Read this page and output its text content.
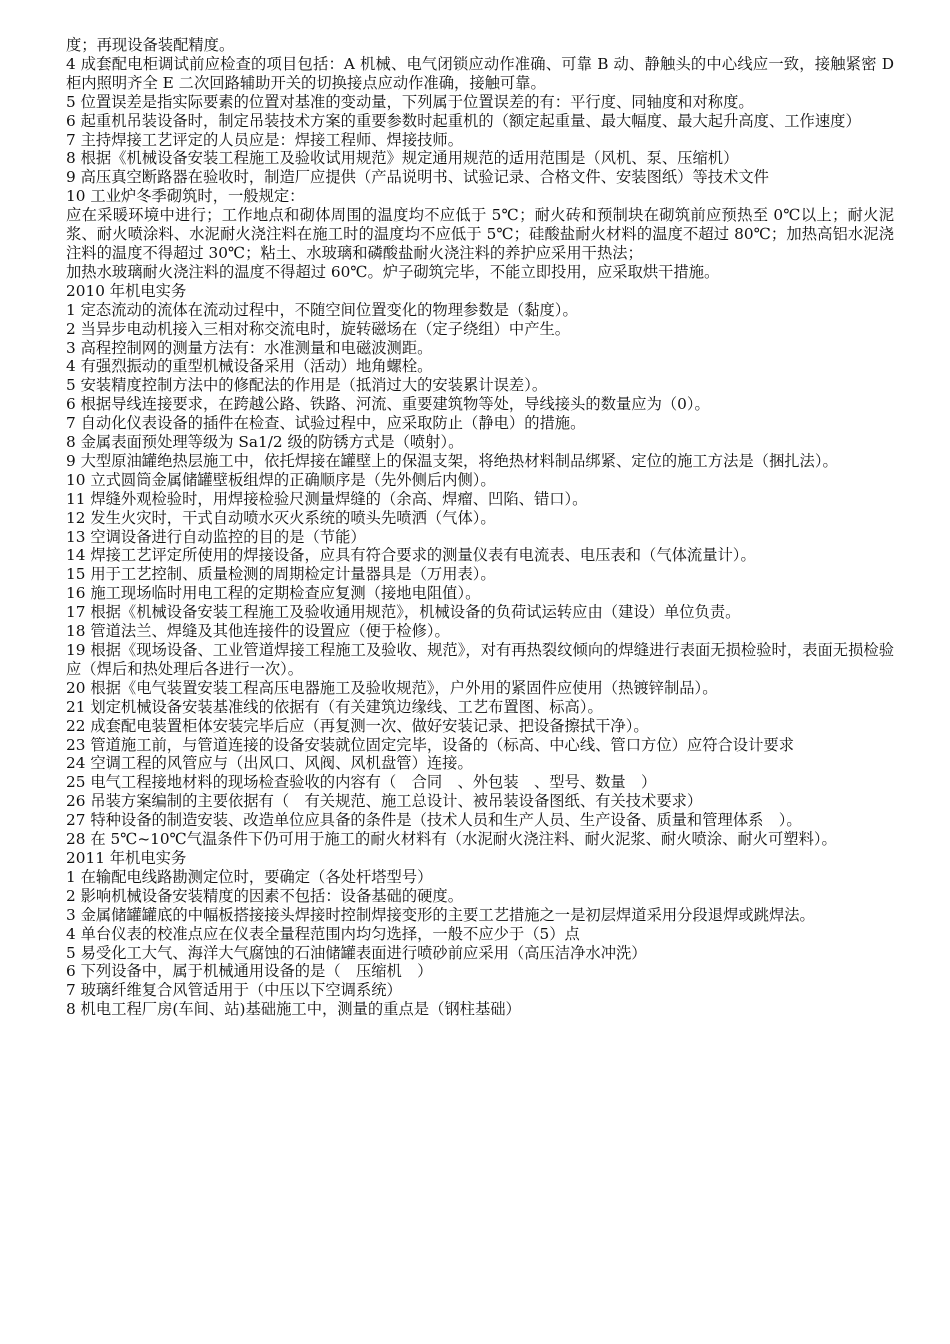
度；再现设备装配精度。

4 成套配电柜调试前应检查的项目包括：A 机械、电气闭锁应动作准确、可靠 B 动、静触头的中心线应一致，接触紧密 D 柜内照明齐全 E 二次回路辅助开关的切换接点应动作准确，接触可靠。

5 位置误差是指实际要素的位置对基准的变动量，下列属于位置误差的有：平行度、同轴度和对称度。

6 起重机吊装设备时，制定吊装技术方案的重要参数时起重机的（额定起重量、最大幅度、最大起升高度、工作速度）

7 主持焊接工艺评定的人员应是：焊接工程师、焊接技师。

8 根据《机械设备安装工程施工及验收试用规范》规定通用规范的适用范围是（风机、泵、压缩机）

9 高压真空断路器在验收时，制造厂应提供（产品说明书、试验记录、合格文件、安装图纸）等技术文件

10 工业炉冬季砌筑时，一般规定：

应在采暖环境中进行；工作地点和砌体周围的温度均不应低于 5℃；耐火砖和预制块在砌筑前应预热至 0℃以上；耐火泥浆、耐火喷涂料、水泥耐火浇注料在施工时的温度均不应低于 5℃；硅酸盐耐火材料的温度不超过 80℃；加热高铝水泥浇注料的温度不得超过 30℃；粘土、水玻璃和磷酸盐耐火浇注料的养护应采用干热法；

加热水玻璃耐火浇注料的温度不得超过 60℃。炉子砌筑完毕，不能立即投用，应采取烘干措施。

2010 年机电实务

1 定态流动的流体在流动过程中，不随空间位置变化的物理参数是（黏度）。

2 当异步电动机接入三相对称交流电时，旋转磁场在（定子绕组）中产生。

3 高程控制网的测量方法有：水准测量和电磁波测距。

4 有强烈振动的重型机械设备采用（活动）地角螺栓。

5 安装精度控制方法中的修配法的作用是（抵消过大的安装累计误差）。

6 根据导线连接要求，在跨越公路、铁路、河流、重要建筑物等处，导线接头的数量应为（0）。

7 自动化仪表设备的插件在检查、试验过程中，应采取防止（静电）的措施。

8 金属表面预处理等级为 Sa1/2 级的防锈方式是（喷射）。

9 大型原油罐绝热层施工中，依托焊接在罐壁上的保温支架，将绝热材料制品绑紧、定位的施工方法是（捆扎法）。

10 立式圆筒金属储罐壁板组焊的正确顺序是（先外侧后内侧）。

11 焊缝外观检验时，用焊接检验尺测量焊缝的（余高、焊瘤、凹陷、错口）。

12 发生火灾时，干式自动喷水灭火系统的喷头先喷洒（气体）。

13 空调设备进行自动监控的目的是（节能）

14 焊接工艺评定所使用的焊接设备，应具有符合要求的测量仪表有电流表、电压表和（气体流量计）。

15 用于工艺控制、质量检测的周期检定计量器具是（万用表）。

16 施工现场临时用电工程的定期检查应复测（接地电阻值）。

17 根据《机械设备安装工程施工及验收通用规范》，机械设备的负荷试运转应由（建设）单位负责。

18 管道法兰、焊缝及其他连接件的设置应（便于检修）。

19 根据《现场设备、工业管道焊接工程施工及验收、规范》，对有再热裂纹倾向的焊缝进行表面无损检验时，表面无损检验应（焊后和热处理后各进行一次）。

20 根据《电气装置安装工程高压电器施工及验收规范》，户外用的紧固件应使用（热镀锌制品）。

21 划定机械设备安装基准线的依据有（有关建筑边缘线、工艺布置图、标高）。

22 成套配电装置柜体安装完毕后应（再复测一次、做好安装记录、把设备擦拭干净）。

23 管道施工前，与管道连接的设备安装就位固定完毕，设备的（标高、中心线、管口方位）应符合设计要求

24 空调工程的风管应与（出风口、风阀、风机盘管）连接。

25 电气工程接地材料的现场检查验收的内容有（　合同　、外包装　、型号、数量　）

26 吊装方案编制的主要依据有（　有关规范、施工总设计、被吊装设备图纸、有关技术要求）

27 特种设备的制造安装、改造单位应具备的条件是（技术人员和生产人员、生产设备、质量和管理体系　）。

28 在 5℃~10℃气温条件下仍可用于施工的耐火材料有（水泥耐火浇注料、耐火泥浆、耐火喷涂、耐火可塑料）。

2011 年机电实务

1 在输配电线路勘测定位时，要确定（各处杆塔型号）

2 影响机械设备安装精度的因素不包括：设备基础的硬度。

3 金属储罐罐底的中幅板搭接接头焊接时控制焊接变形的主要工艺措施之一是初层焊道采用分段退焊或跳焊法。

4 单台仪表的校准点应在仪表全量程范围内均匀选择，一般不应少于（5）点

5 易受化工大气、海洋大气腐蚀的石油储罐表面进行喷砂前应采用（高压洁净水冲洗）

6 下列设备中，属于机械通用设备的是（　压缩机　）

7 玻璃纤维复合风管适用于（中压以下空调系统）

8 机电工程厂房(车间、站)基础施工中，测量的重点是（钢柱基础）
